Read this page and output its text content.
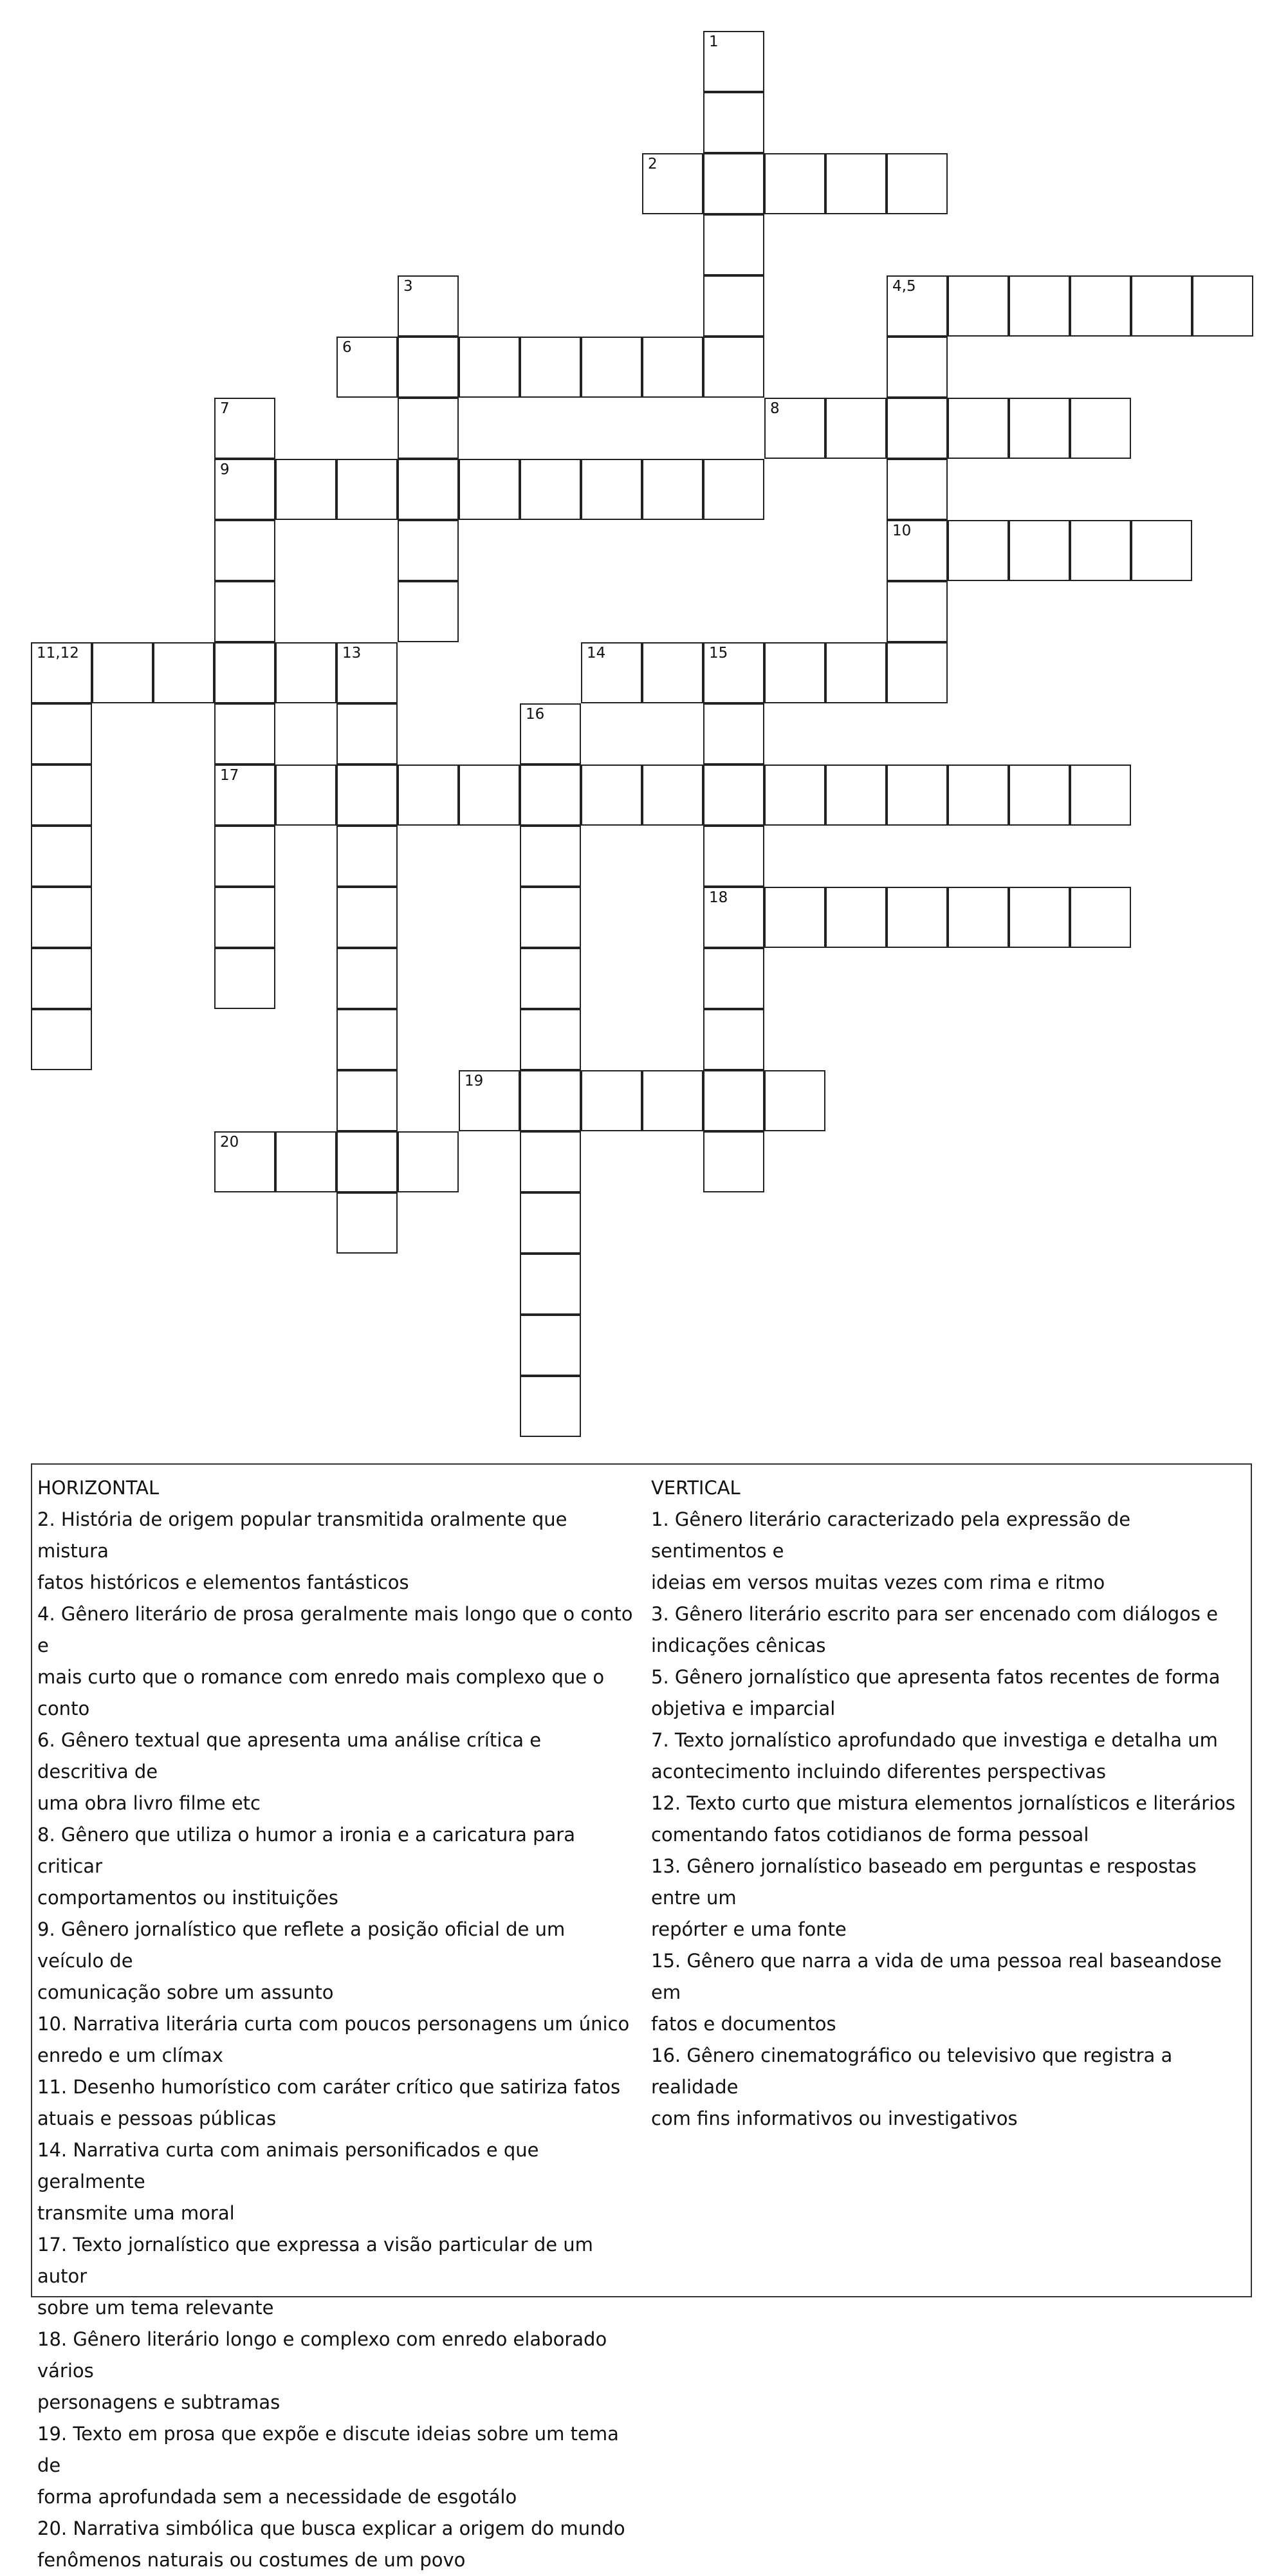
1
2
3	4,5
10
6
7
9
17
8
11,12	13	14	15
18
16
19
20
HORIZONTAL
2. História de origem popular transmitida oralmente que mistura
fatos históricos e elementos fantásticos
4. Gênero literário de prosa geralmente mais longo que o conto e
mais curto que o romance com enredo mais complexo que o conto
6. Gênero textual que apresenta uma análise crítica e descritiva de
uma obra livro filme etc
8. Gênero que utiliza o humor a ironia e a caricatura para criticar
comportamentos ou instituições
9. Gênero jornalístico que reflete a posição oficial de um veículo de
comunicação sobre um assunto
10. Narrativa literária curta com poucos personagens um único
enredo e um clímax
11. Desenho humorístico com caráter crítico que satiriza fatos
atuais e pessoas públicas
14. Narrativa curta com animais personificados e que geralmente
transmite uma moral
17. Texto jornalístico que expressa a visão particular de um autor
sobre um tema relevante
18. Gênero literário longo e complexo com enredo elaborado vários
personagens e subtramas
19. Texto em prosa que expõe e discute ideias sobre um tema de
forma aprofundada sem a necessidade de esgotálo
20. Narrativa simbólica que busca explicar a origem do mundo
fenômenos naturais ou costumes de um povo
VERTICAL
1. Gênero literário caracterizado pela expressão de sentimentos e
ideias em versos muitas vezes com rima e ritmo
3. Gênero literário escrito para ser encenado com diálogos e
indicações cênicas
5. Gênero jornalístico que apresenta fatos recentes de forma
objetiva e imparcial
7. Texto jornalístico aprofundado que investiga e detalha um
acontecimento incluindo diferentes perspectivas
12. Texto curto que mistura elementos jornalísticos e literários
comentando fatos cotidianos de forma pessoal
13. Gênero jornalístico baseado em perguntas e respostas entre um
repórter e uma fonte
15. Gênero que narra a vida de uma pessoa real baseandose em
fatos e documentos
16. Gênero cinematográfico ou televisivo que registra a realidade
com fins informativos ou investigativos
